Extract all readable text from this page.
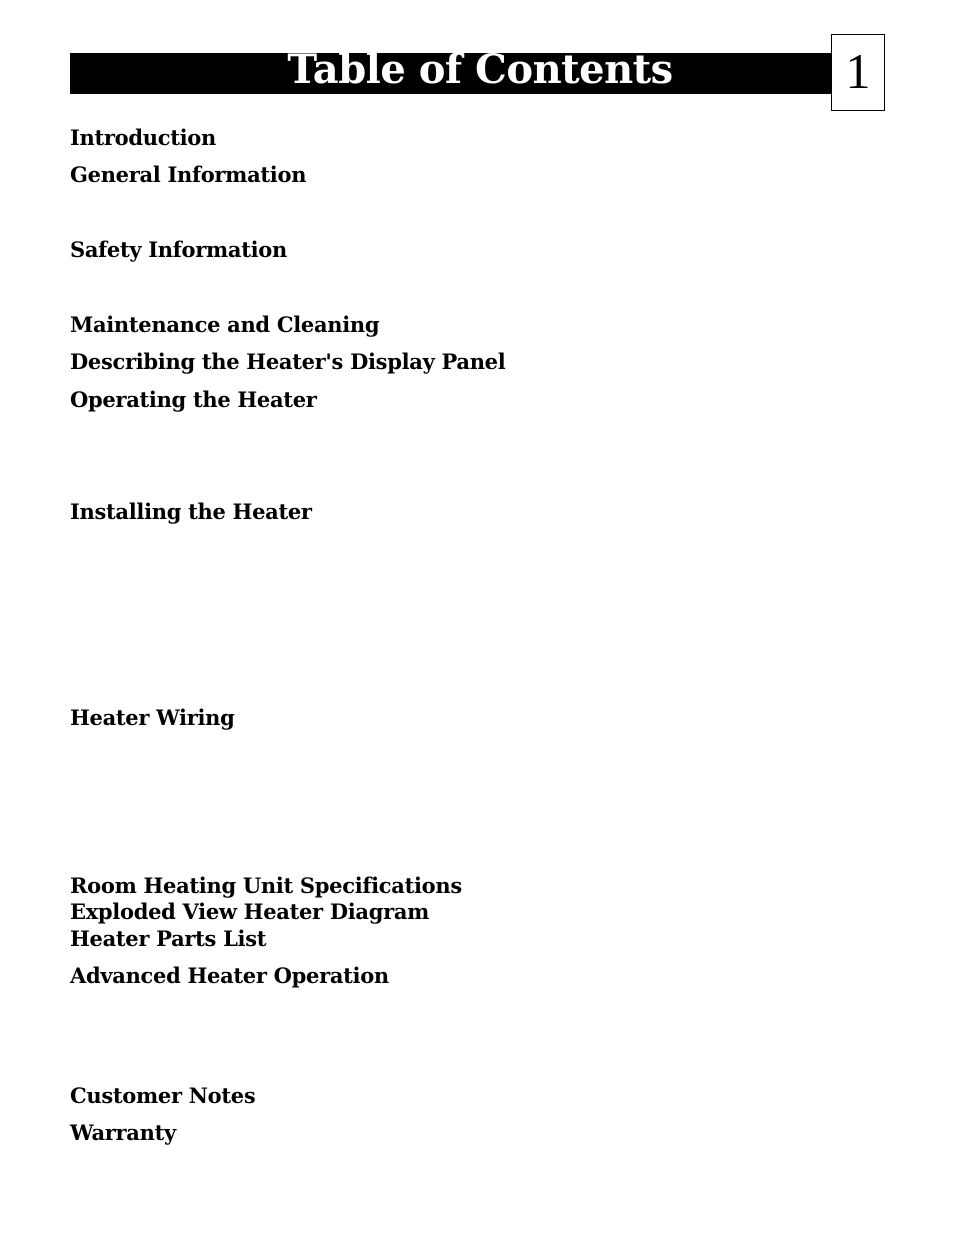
Table of Contents	1
Introduction
General Information
Safety Information
Maintenance and Cleaning
Describing the Heater's Display Panel
Operating the Heater
Installing the Heater
Heater Wiring
Room Heating Unit Specifications
Exploded View Heater Diagram
Heater Parts List
Advanced Heater Operation
Customer Notes
Warranty
